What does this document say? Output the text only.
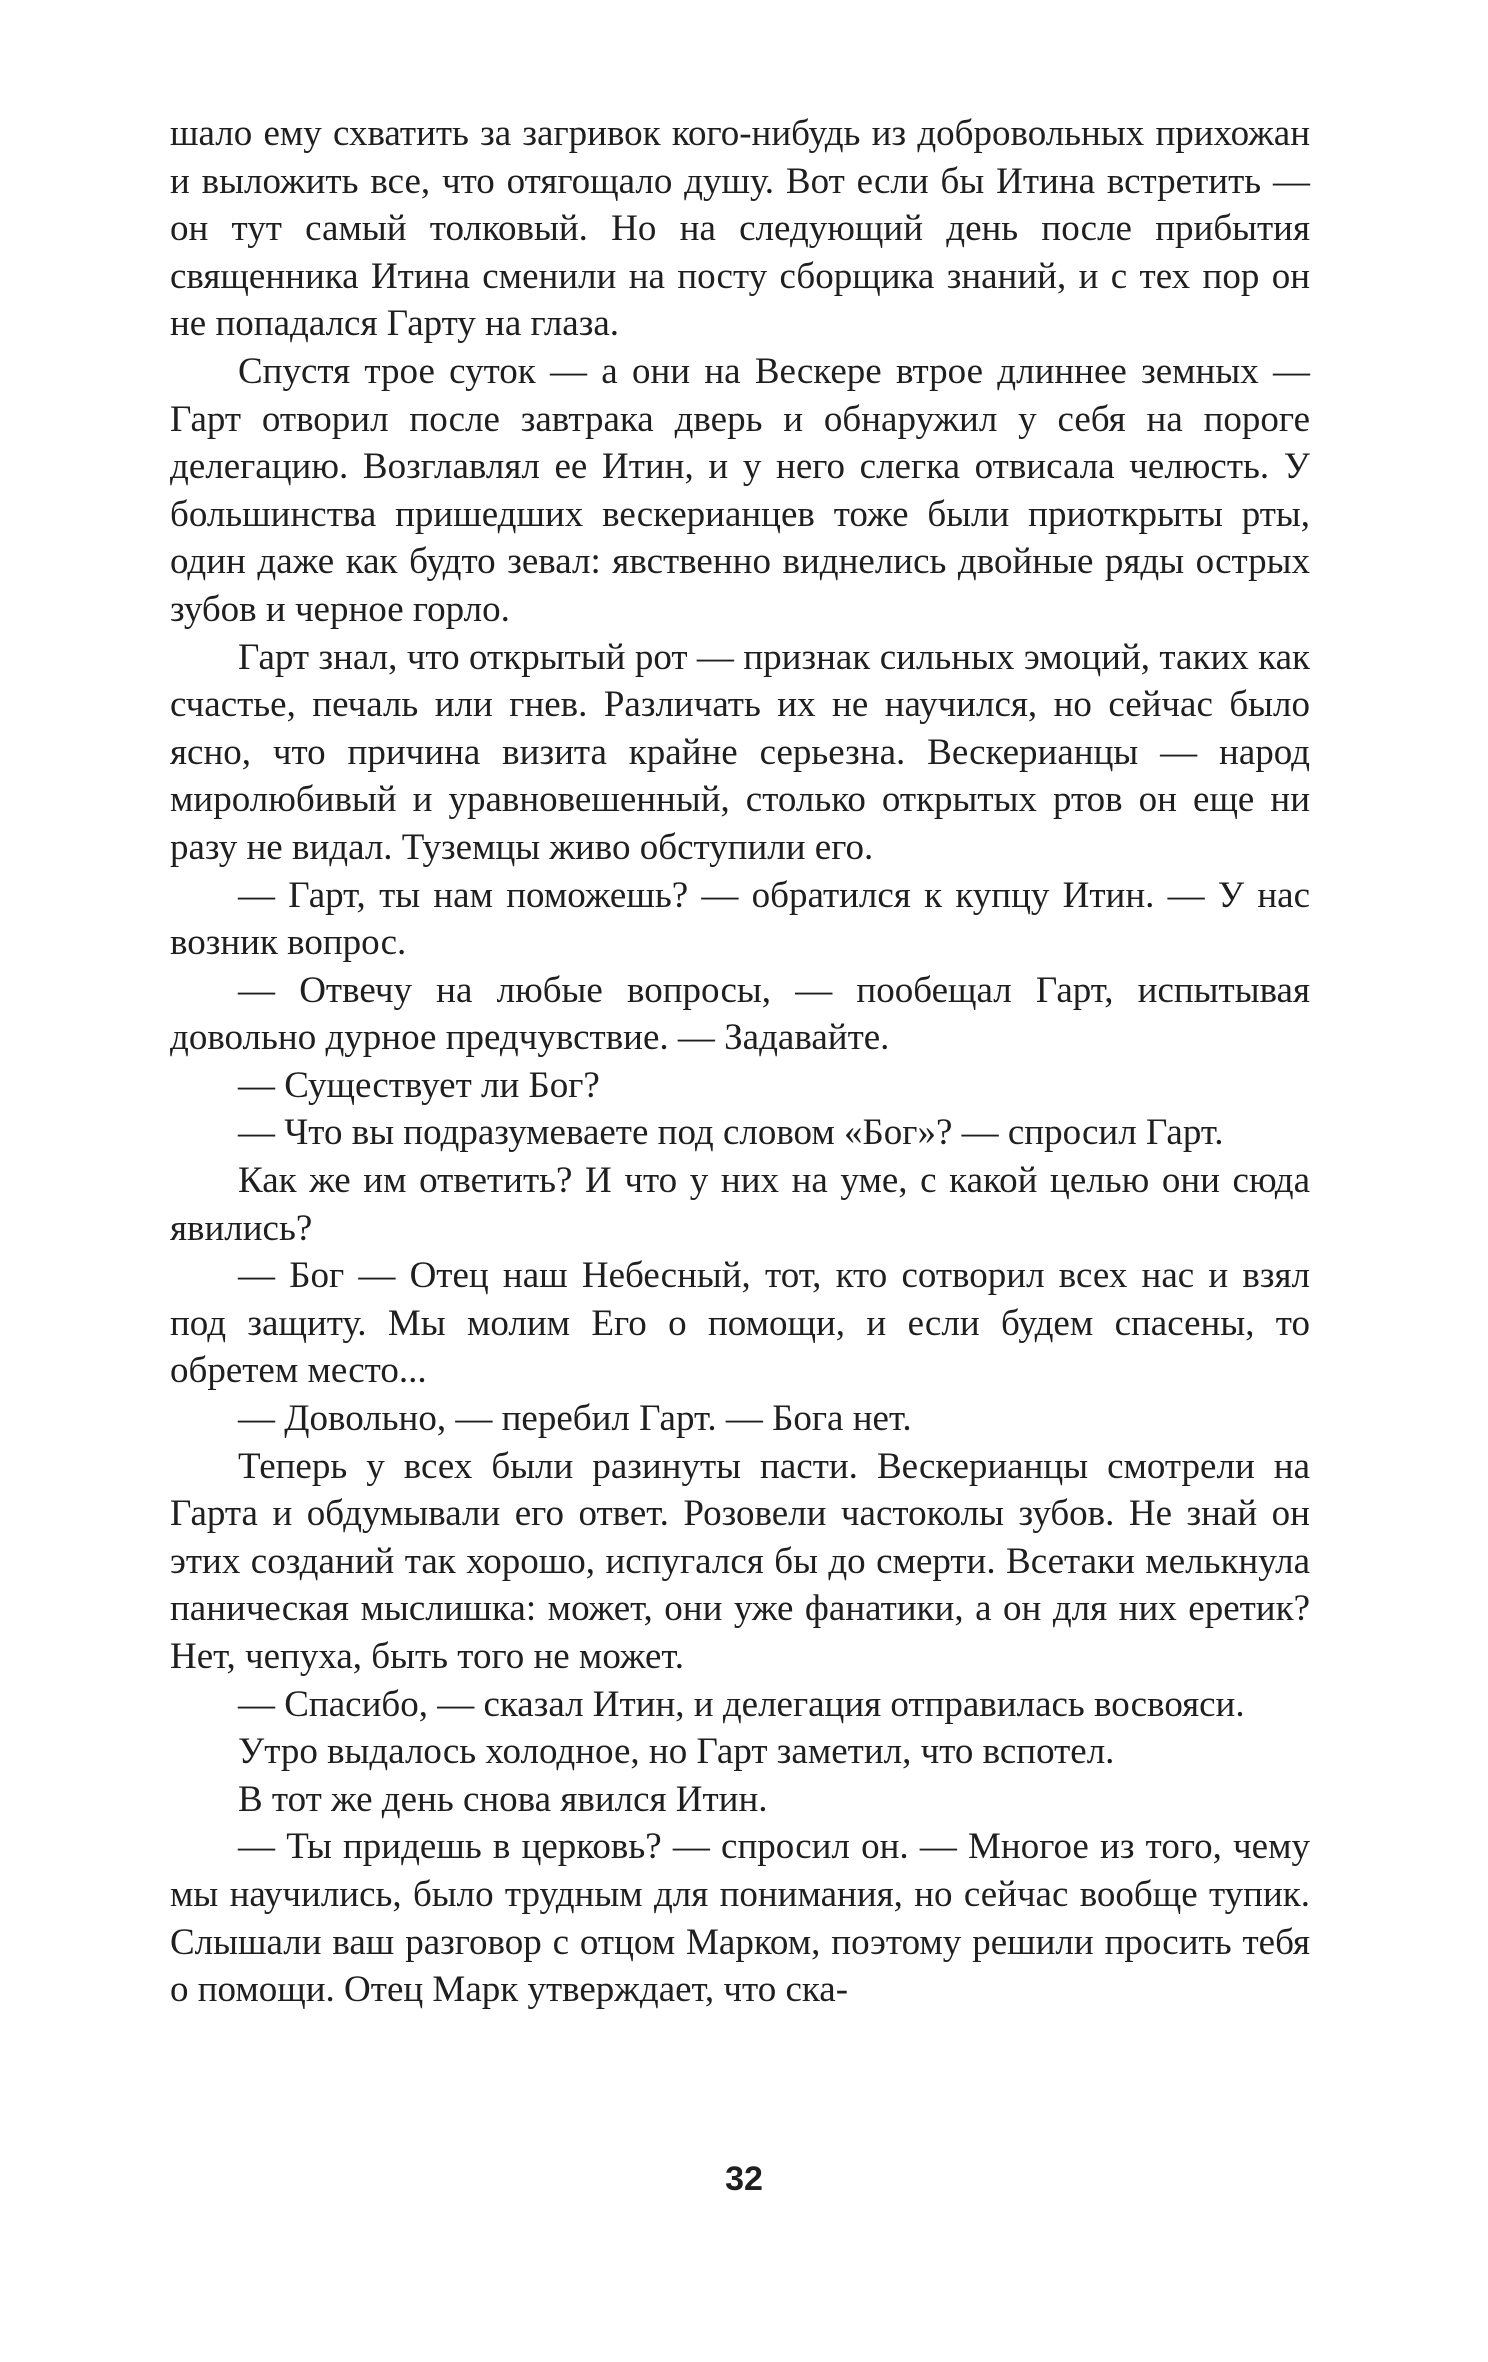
шало ему схватить за загривок кого-нибудь из добровольных прихожан и выложить все, что отягощало душу. Вот если бы Итина встретить — он тут самый толковый. Но на следующий день после прибытия священника Итина сменили на посту сборщика знаний, и с тех пор он не попадался Гарту на глаза.

Спустя трое суток — а они на Вескере втрое длиннее земных — Гарт отворил после завтрака дверь и обнаружил у себя на пороге делегацию. Возглавлял ее Итин, и у него слегка отвисала челюсть. У большинства пришедших вескерианцев тоже были приоткрыты рты, один даже как будто зевал: явственно виднелись двойные ряды острых зубов и черное горло.

Гарт знал, что открытый рот — признак сильных эмоций, таких как счастье, печаль или гнев. Различать их не научился, но сейчас было ясно, что причина визита крайне серьезна. Вескерианцы — народ миролюбивый и уравновешенный, столько открытых ртов он еще ни разу не видал. Туземцы живо обступили его.

— Гарт, ты нам поможешь? — обратился к купцу Итин. — У нас возник вопрос.

— Отвечу на любые вопросы, — пообещал Гарт, испытывая довольно дурное предчувствие. — Задавайте.

— Существует ли Бог?

— Что вы подразумеваете под словом «Бог»? — спросил Гарт.

Как же им ответить? И что у них на уме, с какой целью они сюда явились?

— Бог — Отец наш Небесный, тот, кто сотворил всех нас и взял под защиту. Мы молим Его о помощи, и если будем спасены, то обретем место...

— Довольно, — перебил Гарт. — Бога нет.

Теперь у всех были разинуты пасти. Вескерианцы смотрели на Гарта и обдумывали его ответ. Розовели частоколы зубов. Не знай он этих созданий так хорошо, испугался бы до смерти. Всетаки мелькнула паническая мыслишка: может, они уже фанатики, а он для них еретик? Нет, чепуха, быть того не может.

— Спасибо, — сказал Итин, и делегация отправилась восвояси.

Утро выдалось холодное, но Гарт заметил, что вспотел.

В тот же день снова явился Итин.

— Ты придешь в церковь? — спросил он. — Многое из того, чему мы научились, было трудным для понимания, но сейчас вообще тупик. Слышали ваш разговор с отцом Марком, поэтому решили просить тебя о помощи. Отец Марк утверждает, что ска-

32
